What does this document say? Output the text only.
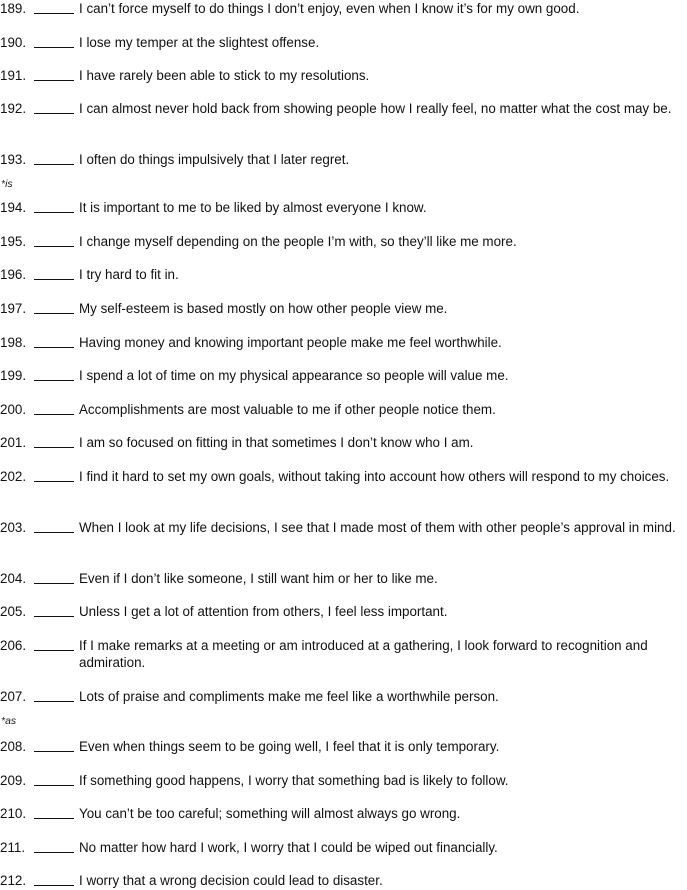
189.	I can’t force myself to do things I don’t enjoy, even when I know it’s for my own good.
190.	I lose my temper at the slightest offense.
191.	I have rarely been able to stick to my resolutions.
192.	I can almost never hold back from showing people how I really feel, no matter what the cost may be.
193.	I often do things impulsively that I later regret.
*is
194.	It is important to me to be liked by almost everyone I know.
195.	I change myself depending on the people I’m with, so they’ll like me more.
196.	I try hard to fit in.
197.	My self-esteem is based mostly on how other people view me.
198.	Having money and knowing important people make me feel worthwhile.
199.	I spend a lot of time on my physical appearance so people will value me.
200.	Accomplishments are most valuable to me if other people notice them.
201.	I am so focused on fitting in that sometimes I don’t know who I am.
202.	I find it hard to set my own goals, without taking into account how others will respond to my choices.
203.	When I look at my life decisions, I see that I made most of them with other people’s approval in mind.
204.	Even if I don’t like someone, I still want him or her to like me.
205.	Unless I get a lot of attention from others, I feel less important.
206.	If I make remarks at a meeting or am introduced at a gathering, I look forward to recognition and admiration.
207.	Lots of praise and compliments make me feel like a worthwhile person.
*as
208.	Even when things seem to be going well, I feel that it is only temporary.
209.	If something good happens, I worry that something bad is likely to follow.
210.	You can’t be too careful; something will almost always go wrong.
211.	No matter how hard I work, I worry that I could be wiped out financially.
212.	I worry that a wrong decision could lead to disaster.
